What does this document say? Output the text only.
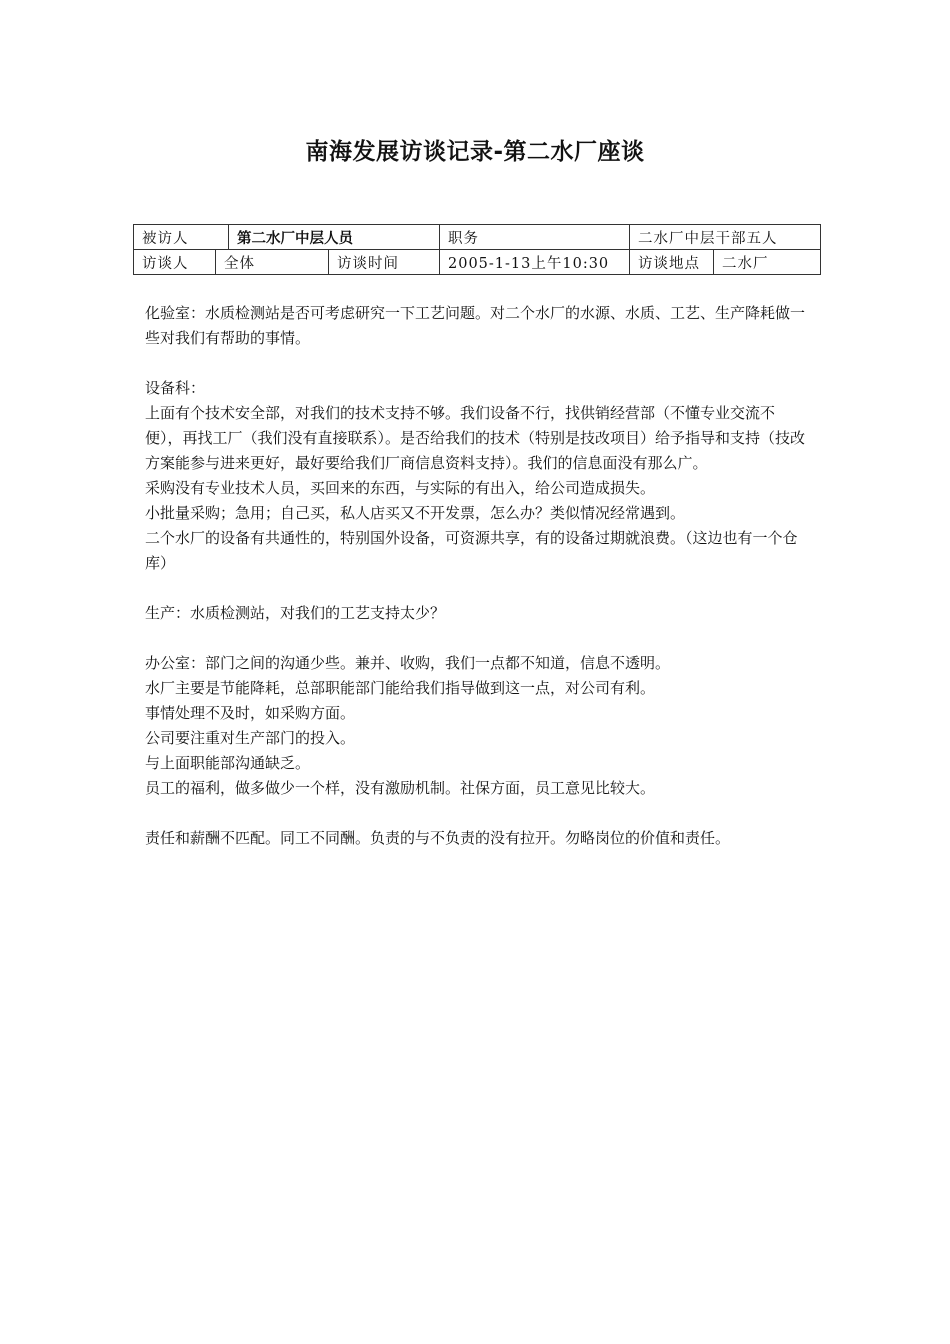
南海发展访谈记录-第二水厂座谈
被访人		第二水厂中层人员		职务	二水厂中层干部五人	
访谈人	全体		访谈时间	2005-1-13上午10:30	访谈地点	二水厂

化验室：水质检测站是否可考虑研究一下工艺问题。对二个水厂的水源、水质、工艺、生产降耗做一些对我们有帮助的事情。

设备科：

上面有个技术安全部，对我们的技术支持不够。我们设备不行，找供销经营部（不懂专业交流不便），再找工厂（我们没有直接联系）。是否给我们的技术（特别是技改项目）给予指导和支持（技改方案能参与进来更好，最好要给我们厂商信息资料支持）。我们的信息面没有那么广。

采购没有专业技术人员，买回来的东西，与实际的有出入，给公司造成损失。

小批量采购；急用；自己买，私人店买又不开发票，怎么办？类似情况经常遇到。

二个水厂的设备有共通性的，特别国外设备，可资源共享，有的设备过期就浪费。（这边也有一个仓库）

生产：水质检测站，对我们的工艺支持太少？

办公室：部门之间的沟通少些。兼并、收购，我们一点都不知道，信息不透明。

水厂主要是节能降耗，总部职能部门能给我们指导做到这一点，对公司有利。

事情处理不及时，如采购方面。

公司要注重对生产部门的投入。

与上面职能部沟通缺乏。

员工的福利，做多做少一个样，没有激励机制。社保方面，员工意见比较大。

责任和薪酬不匹配。同工不同酬。负责的与不负责的没有拉开。勿略岗位的价值和责任。
